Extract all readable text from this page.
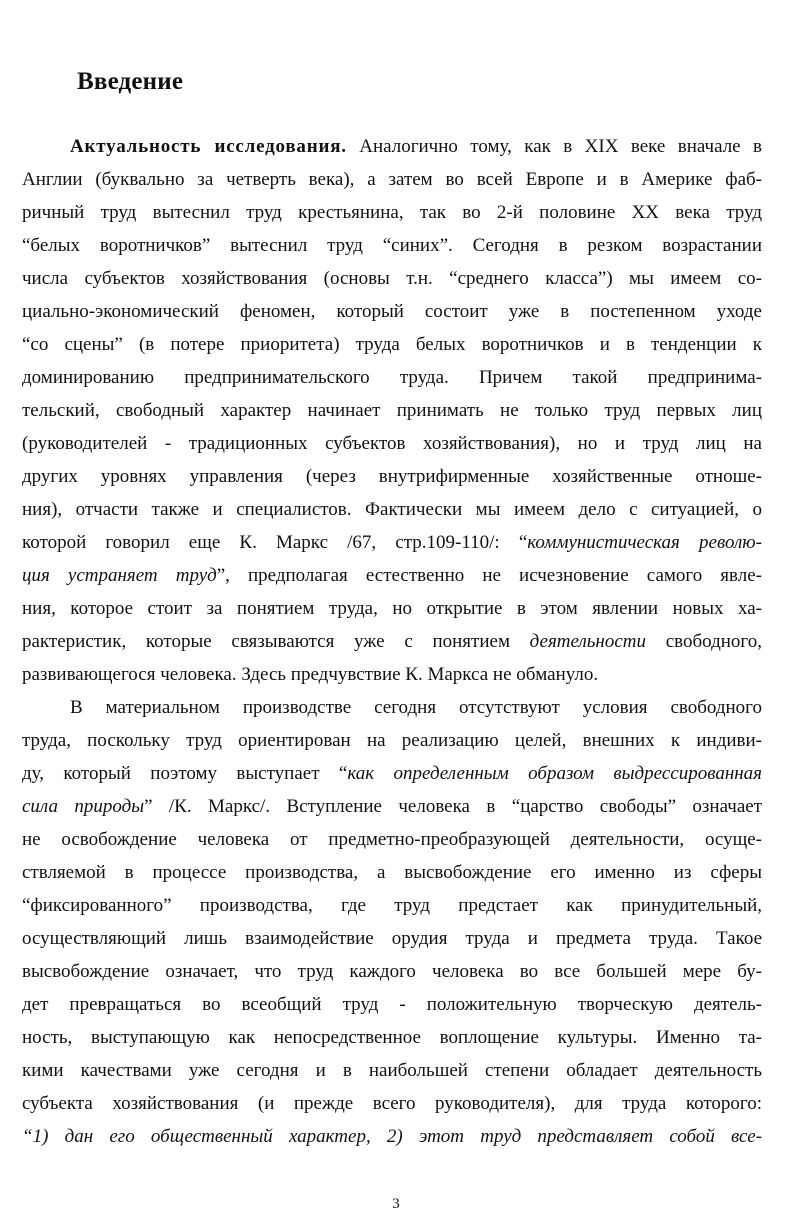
Введение
Актуальность исследования. Аналогично тому, как в XIX веке вначале в
Англии (буквально за четверть века), а затем во всей Европе и в Америке фаб-
ричный труд вытеснил труд крестьянина, так во 2-й половине XX века труд
“белых воротничков” вытеснил труд “синих”. Сегодня в резком возрастании
числа субъектов хозяйствования (основы т.н. “среднего класса”) мы имеем со-
циально-экономический феномен, который состоит уже в постепенном уходе
“со сцены” (в потере приоритета) труда белых воротничков и в тенденции к
доминированию предпринимательского труда. Причем такой предпринима-
тельский, свободный характер начинает принимать не только труд первых лиц
(руководителей - традиционных субъектов хозяйствования), но и труд лиц на
других уровнях управления (через внутрифирменные хозяйственные отноше-
ния), отчасти также и специалистов. Фактически мы имеем дело с ситуацией, о
которой говорил еще К. Маркс /67, стр.109-110/: “коммунистическая револю-
ция устраняет труд”, предполагая естественно не исчезновение самого явле-
ния, которое стоит за понятием труда, но открытие в этом явлении новых ха-
рактеристик, которые связываются уже с понятием деятельности свободного,
развивающегося человека. Здесь предчувствие К. Маркса не обмануло.
В материальном производстве сегодня отсутствуют условия свободного
труда, поскольку труд ориентирован на реализацию целей, внешних к индиви-
ду, который поэтому выступает “как определенным образом выдрессированная
сила природы” /К. Маркс/. Вступление человека в “царство свободы” означает
не освобождение человека от предметно-преобразующей деятельности, осуще-
ствляемой в процессе производства, а высвобождение его именно из сферы
“фиксированного” производства, где труд предстает как принудительный,
осуществляющий лишь взаимодействие орудия труда и предмета труда. Такое
высвобождение означает, что труд каждого человека во все большей мере бу-
дет превращаться во всеобщий труд - положительную творческую деятель-
ность, выступающую как непосредственное воплощение культуры. Именно та-
кими качествами уже сегодня и в наибольшей степени обладает деятельность
субъекта хозяйствования (и прежде всего руководителя), для труда которого:
“1) дан его общественный характер, 2) этот труд представляет собой все-
3
